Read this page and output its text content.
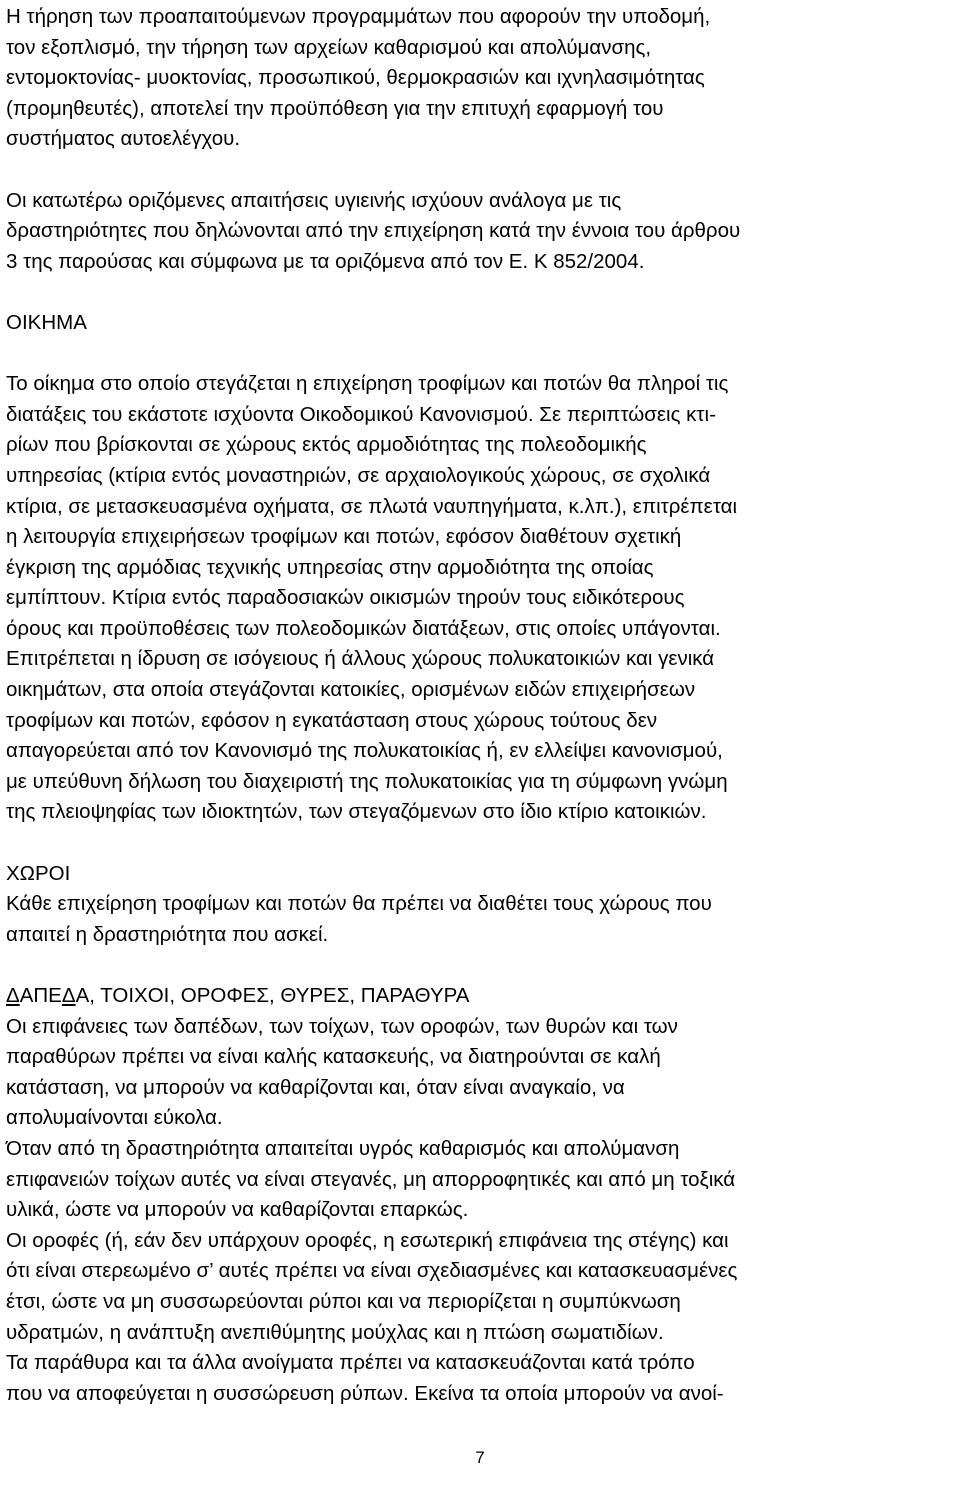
Η τήρηση των προαπαιτούμενων προγραμμάτων που αφορούν την υποδομή,
τον εξοπλισμό, την τήρηση των αρχείων καθαρισμού και απολύμανσης,
εντομοκτονίας- μυοκτονίας, προσωπικού, θερμοκρασιών και ιχνηλασιμότητας
(προμηθευτές), αποτελεί την προϋπόθεση για την επιτυχή εφαρμογή του
συστήματος αυτοελέγχου.
Οι κατωτέρω οριζόμενες απαιτήσεις υγιεινής ισχύουν ανάλογα με τις
δραστηριότητες που δηλώνονται από την επιχείρηση κατά την έννοια του άρθρου
3 της παρούσας και σύμφωνα με τα οριζόμενα από τον Ε. Κ 852/2004.
ΟΙΚΗΜΑ
Το οίκημα στο οποίο στεγάζεται η επιχείρηση τροφίμων και ποτών θα πληροί τις
διατάξεις του εκάστοτε ισχύοντα Οικοδομικού Κανονισμού. Σε περιπτώσεις κτι-
ρίων που βρίσκονται σε χώρους εκτός αρμοδιότητας της πολεοδομικής
υπηρεσίας (κτίρια εντός μοναστηριών, σε αρχαιολογικούς χώρους, σε σχολικά
κτίρια, σε μετασκευασμένα οχήματα, σε πλωτά ναυπηγήματα, κ.λπ.), επιτρέπεται
η λειτουργία επιχειρήσεων τροφίμων και ποτών, εφόσον διαθέτουν σχετική
έγκριση της αρμόδιας τεχνικής υπηρεσίας στην αρμοδιότητα της οποίας
εμπίπτουν. Κτίρια εντός παραδοσιακών οικισμών τηρούν τους ειδικότερους
όρους και προϋποθέσεις των πολεοδομικών διατάξεων, στις οποίες υπάγονται.
Επιτρέπεται η ίδρυση σε ισόγειους ή άλλους χώρους πολυκατοικιών και γενικά
οικημάτων, στα οποία στεγάζονται κατοικίες, ορισμένων ειδών επιχειρήσεων
τροφίμων και ποτών, εφόσον η εγκατάσταση στους χώρους τούτους δεν
απαγορεύεται από τον Κανονισμό της πολυκατοικίας ή, εν ελλείψει κανονισμού,
με υπεύθυνη δήλωση του διαχειριστή της πολυκατοικίας για τη σύμφωνη γνώμη
της πλειοψηφίας των ιδιοκτητών, των στεγαζόμενων στο ίδιο κτίριο κατοικιών.
ΧΩΡΟΙ
Κάθε επιχείρηση τροφίμων και ποτών θα πρέπει να διαθέτει τους χώρους που
απαιτεί η δραστηριότητα που ασκεί.
ΔΑΠΕΔΑ, ΤΟΙΧΟΙ, ΟΡΟΦΕΣ, ΘΥΡΕΣ, ΠΑΡΑΘΥΡΑ
Οι επιφάνειες των δαπέδων, των τοίχων, των οροφών, των θυρών και των
παραθύρων πρέπει να είναι καλής κατασκευής, να διατηρούνται σε καλή
κατάσταση, να μπορούν να καθαρίζονται και, όταν είναι αναγκαίο, να
απολυμαίνονται εύκολα.
Όταν από τη δραστηριότητα απαιτείται υγρός καθαρισμός και απολύμανση
επιφανειών τοίχων αυτές να είναι στεγανές, μη απορροφητικές και από μη τοξικά
υλικά, ώστε να μπορούν να καθαρίζονται επαρκώς.
Οι οροφές (ή, εάν δεν υπάρχουν οροφές, η εσωτερική επιφάνεια της στέγης) και
ότι είναι στερεωμένο σ’ αυτές πρέπει να είναι σχεδιασμένες και κατασκευασμένες
έτσι, ώστε να μη συσσωρεύονται ρύποι και να περιορίζεται η συμπύκνωση
υδρατμών, η ανάπτυξη ανεπιθύμητης μούχλας και η πτώση σωματιδίων.
Τα παράθυρα και τα άλλα ανοίγματα πρέπει να κατασκευάζονται κατά τρόπο
που να αποφεύγεται η συσσώρευση ρύπων. Εκείνα τα οποία μπορούν να ανοί-
7
